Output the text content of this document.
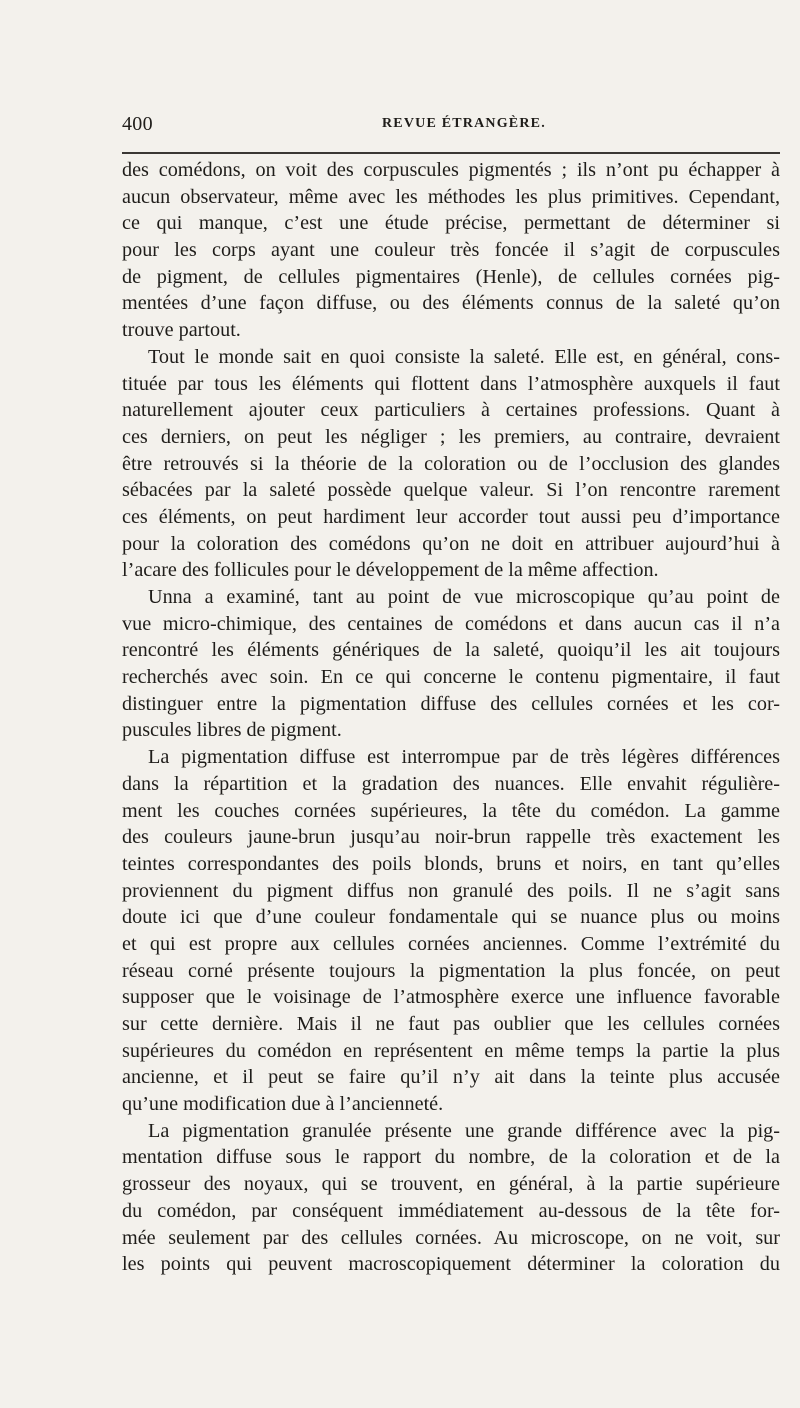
400	REVUE ÉTRANGÈRE.
des comédons, on voit des corpuscules pigmentés ; ils n’ont pu échapper à
aucun observateur, même avec les méthodes les plus primitives. Cependant,
ce qui manque, c’est une étude précise, permettant de déterminer si
pour les corps ayant une couleur très foncée il s’agit de corpuscules
de pigment, de cellules pigmentaires (Henle), de cellules cornées pig-
mentées d’une façon diffuse, ou des éléments connus de la saleté qu’on
trouve partout.
Tout le monde sait en quoi consiste la saleté. Elle est, en général, cons-
tituée par tous les éléments qui flottent dans l’atmosphère auxquels il faut
naturellement ajouter ceux particuliers à certaines professions. Quant à
ces derniers, on peut les négliger ; les premiers, au contraire, devraient
être retrouvés si la théorie de la coloration ou de l’occlusion des glandes
sébacées par la saleté possède quelque valeur. Si l’on rencontre rarement
ces éléments, on peut hardiment leur accorder tout aussi peu d’importance
pour la coloration des comédons qu’on ne doit en attribuer aujourd’hui à
l’acare des follicules pour le développement de la même affection.
Unna a examiné, tant au point de vue microscopique qu’au point de
vue micro-chimique, des centaines de comédons et dans aucun cas il n’a
rencontré les éléments génériques de la saleté, quoiqu’il les ait toujours
recherchés avec soin. En ce qui concerne le contenu pigmentaire, il faut
distinguer entre la pigmentation diffuse des cellules cornées et les cor-
puscules libres de pigment.
La pigmentation diffuse est interrompue par de très légères différences
dans la répartition et la gradation des nuances. Elle envahit régulière-
ment les couches cornées supérieures, la tête du comédon. La gamme
des couleurs jaune-brun jusqu’au noir-brun rappelle très exactement les
teintes correspondantes des poils blonds, bruns et noirs, en tant qu’elles
proviennent du pigment diffus non granulé des poils. Il ne s’agit sans
doute ici que d’une couleur fondamentale qui se nuance plus ou moins
et qui est propre aux cellules cornées anciennes. Comme l’extrémité du
réseau corné présente toujours la pigmentation la plus foncée, on peut
supposer que le voisinage de l’atmosphère exerce une influence favorable
sur cette dernière. Mais il ne faut pas oublier que les cellules cornées
supérieures du comédon en représentent en même temps la partie la plus
ancienne, et il peut se faire qu’il n’y ait dans la teinte plus accusée
qu’une modification due à l’ancienneté.
La pigmentation granulée présente une grande différence avec la pig-
mentation diffuse sous le rapport du nombre, de la coloration et de la
grosseur des noyaux, qui se trouvent, en général, à la partie supérieure
du comédon, par conséquent immédiatement au-dessous de la tête for-
mée seulement par des cellules cornées. Au microscope, on ne voit, sur
les points qui peuvent macroscopiquement déterminer la coloration du
